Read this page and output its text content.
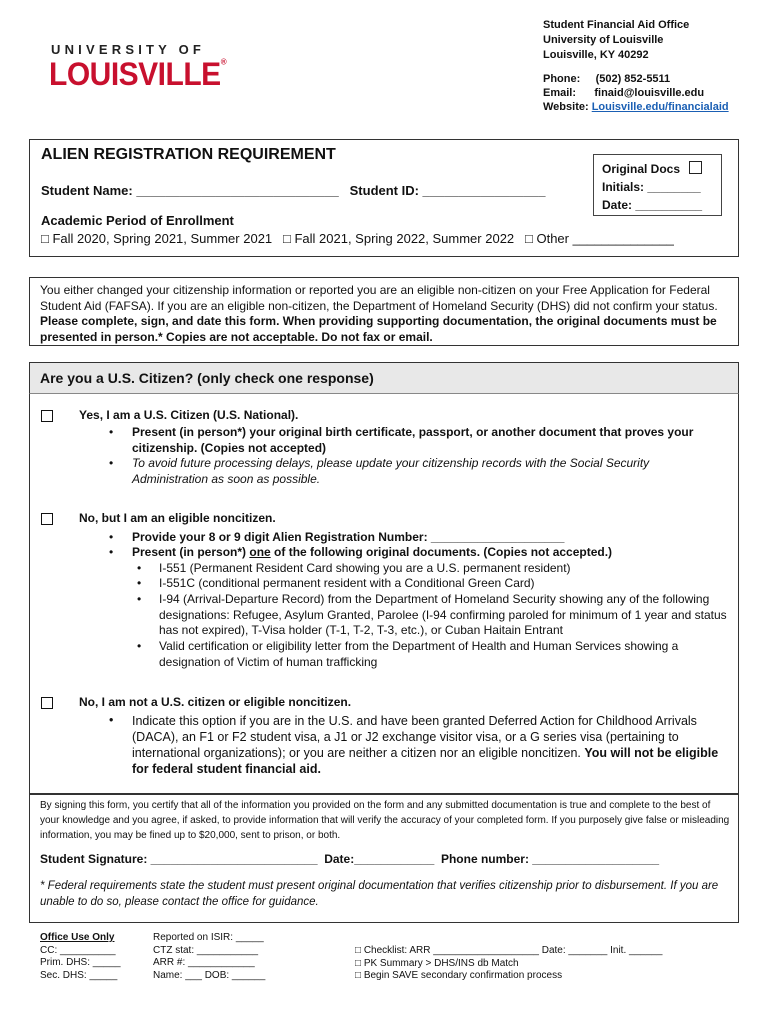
UNIVERSITY OF
LOUISVILLE®
Student Financial Aid Office
University of Louisville
Louisville, KY 40292
Phone: (502) 852-5511
Email: finaid@louisville.edu
Website: Louisville.edu/financialaid
ALIEN REGISTRATION REQUIREMENT
Original Docs
Initials: ________
Date: __________
Student Name: ____________________________ Student ID: _________________
Academic Period of Enrollment
□ Fall 2020, Spring 2021, Summer 2021 □ Fall 2021, Spring 2022, Summer 2022 □ Other ______________
You either changed your citizenship information or reported you are an eligible non-citizen on your Free Application for Federal Student Aid (FAFSA). If you are an eligible non-citizen, the Department of Homeland Security (DHS) did not confirm your status. Please complete, sign, and date this form. When providing supporting documentation, the original documents must be presented in person.* Copies are not acceptable. Do not fax or email.
Are you a U.S. Citizen? (only check one response)
Yes, I am a U.S. Citizen (U.S. National).
• Present (in person*) your original birth certificate, passport, or another document that proves your citizenship. (Copies not accepted)
• To avoid future processing delays, please update your citizenship records with the Social Security Administration as soon as possible.
No, but I am an eligible noncitizen.
• Provide your 8 or 9 digit Alien Registration Number: ____________________
• Present (in person*) one of the following original documents. (Copies not accepted.)
• I-551 (Permanent Resident Card showing you are a U.S. permanent resident)
• I-551C (conditional permanent resident with a Conditional Green Card)
• I-94 (Arrival-Departure Record) from the Department of Homeland Security showing any of the following designations: Refugee, Asylum Granted, Parolee (I-94 confirming paroled for minimum of 1 year and status has not expired), T-Visa holder (T-1, T-2, T-3, etc.), or Cuban Haitain Entrant
• Valid certification or eligibility letter from the Department of Health and Human Services showing a designation of Victim of human trafficking
No, I am not a U.S. citizen or eligible noncitizen.
• Indicate this option if you are in the U.S. and have been granted Deferred Action for Childhood Arrivals (DACA), an F1 or F2 student visa, a J1 or J2 exchange visitor visa, or a G series visa (pertaining to international organizations); or you are neither a citizen nor an eligible noncitizen. You will not be eligible for federal student financial aid.
By signing this form, you certify that all of the information you provided on the form and any submitted documentation is true and complete to the best of your knowledge and you agree, if asked, to provide information that will verify the accuracy of your completed form. If you purposely give false or misleading information, you may be fined up to $20,000, sent to prison, or both.
Student Signature: _________________________ Date:____________ Phone number: ___________________
* Federal requirements state the student must present original documentation that verifies citizenship prior to disbursement. If you are unable to do so, please contact the office for guidance.
Office Use Only
CC: __________
Prim. DHS: _____
Sec. DHS: _____
Reported on ISIR: _____
CTZ stat: ___________
ARR #: ____________
Name: ___ DOB: ______
□ Checklist: ARR ___________________ Date: _______ Init. ______
□ PK Summary > DHS/INS db Match
□ Begin SAVE secondary confirmation process
